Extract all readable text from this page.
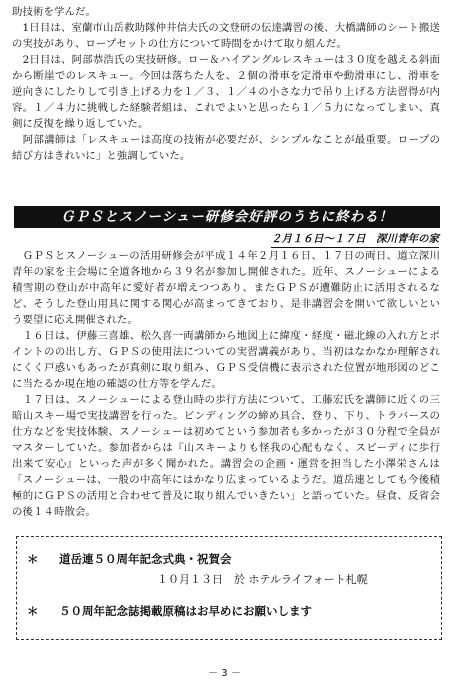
助技術を学んだ。
　1日目は、室蘭市山岳救助隊仲井信夫氏の文登研の伝達講習の後、大橋講師のシート搬送の実技があり、ロープセットの仕方について時間をかけて取り組んだ。
　2日目は、阿部恭浩氏の実技研修。ロー＆ハイアングルレスキューは３０度を越える斜面から断崖でのレスキュー。今回は落ちた人を、２個の滑車を定滑車や動滑車にし、滑車を逆向きにしたりして引き上げる力を１／３、１／４の小さな力で吊り上げる方法習得が内容。１／４力に挑戦した経験者組は、これでよいと思ったら１／５力になってしまい、真剣に反復を繰り返していた。
　阿部講師は「レスキューは高度の技術が必要だが、シンプルなことが最重要。ロープの結び方はきれいに」と強調していた。
ＧＰＳとスノーシュー研修会好評のうちに終わる！
２月１６日～１７日　深川青年の家
　ＧＰＳとスノーシューの活用研修会が平成１４年２月１６日、１７日の両日、道立深川青年の家を主会場に全道各地から３９名が参加し開催された。近年、スノーシューによる積雪期の登山が中高年に愛好者が増えつつあり、またＧＰＳが遭難防止に活用されるなど、そうした登山用具に関する関心が高まってきており、是非講習会を開いて欲しいという要望に応え開催された。
　１６日は、伊藤三喜雄、松久喜一両講師から地図上に緯度・経度・磁北線の入れ方とポイントのの出し方、ＧＰＳの使用法についての実習講義があり、当初はなかなか理解されにくく戸惑いもあったが真剣に取り組み、ＧＰＳ受信機に表示された位置が地形図のどこに当たるか現在地の確認の仕方等を学んだ。
　１７日は、スノーシューによる登山時の歩行方法について、工藤宏氏を講師に近くの三暗山スキー場で実技講習を行った。ビンディングの締め具合、登り、下り、トラバースの仕方などを実技体験、スノーシューは初めてという参加者も多かったが３０分程で全員がマスターしていた。参加者からは『山スキーよりも怪我の心配もなく、スピーディに歩行出来て安心』といった声が多く聞かれた。講習会の企画・運営を担当した小澤栄さんは「スノーシューは、一般の中高年にはかなり広まっているようだ。道岳連としても今後積極的にＧＰＳの活用と合わせて普及に取り組んでいきたい」と語っていた。昼食、反省会の後１４時散会。
＊ 道岳連５０周年記念式典・祝賀会
１０月１３日　於 ホテルライフォート札幌
＊ ５０周年記念誌掲載原稿はお早めにお願いします
－ 3 －
